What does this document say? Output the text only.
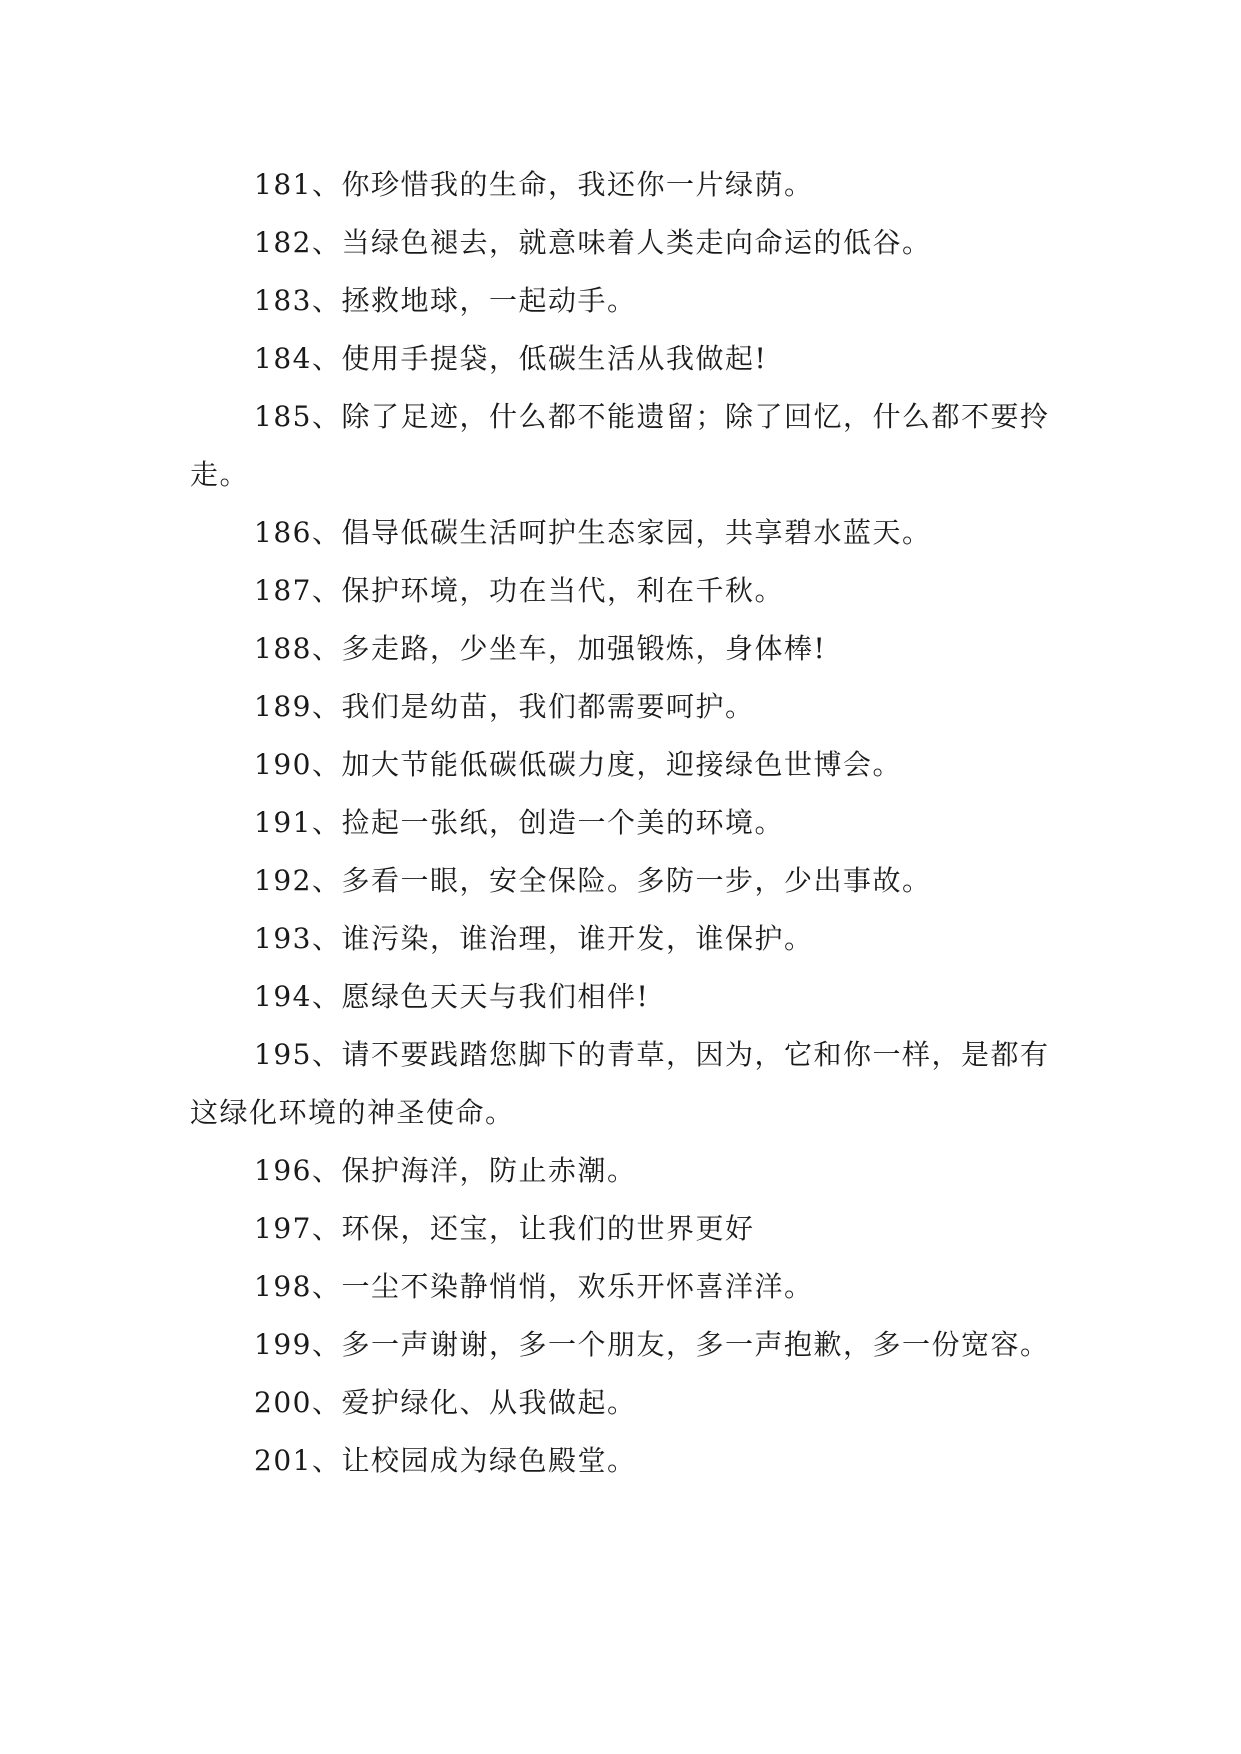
181、你珍惜我的生命，我还你一片绿荫。

182、当绿色褪去，就意味着人类走向命运的低谷。

183、拯救地球，一起动手。

184、使用手提袋，低碳生活从我做起!

185、除了足迹，什么都不能遗留；除了回忆，什么都不要拎走。

186、倡导低碳生活呵护生态家园，共享碧水蓝天。

187、保护环境，功在当代，利在千秋。

188、多走路，少坐车，加强锻炼，身体棒!

189、我们是幼苗，我们都需要呵护。

190、加大节能低碳低碳力度，迎接绿色世博会。

191、捡起一张纸，创造一个美的环境。

192、多看一眼，安全保险。多防一步，少出事故。

193、谁污染，谁治理，谁开发，谁保护。

194、愿绿色天天与我们相伴!

195、请不要践踏您脚下的青草，因为，它和你一样，是都有这绿化环境的神圣使命。

196、保护海洋，防止赤潮。

197、环保，还宝，让我们的世界更好

198、一尘不染静悄悄，欢乐开怀喜洋洋。

199、多一声谢谢，多一个朋友，多一声抱歉，多一份宽容。

200、爱护绿化、从我做起。

201、让校园成为绿色殿堂。
